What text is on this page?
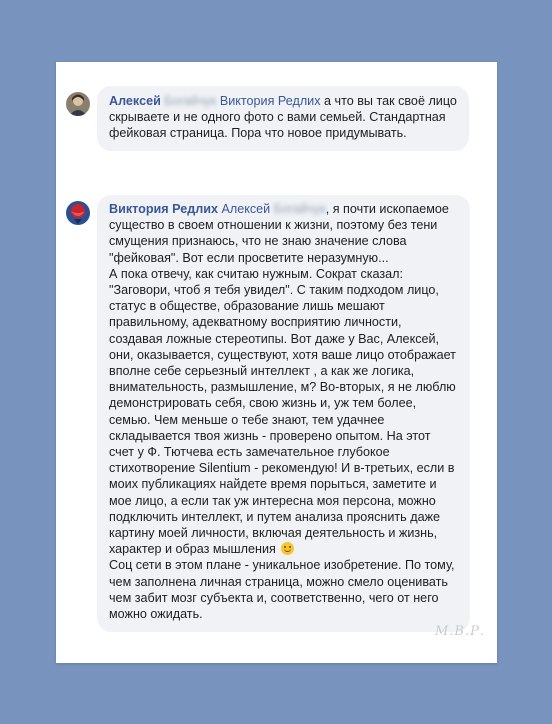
Алексей Богайчук Виктория Редлих а что вы так своё лицо скрываете и не одного фото с вами семьей. Стандартная фейковая страница. Пора что новое придумывать.
Виктория Редлих Алексей Богайчук, я почти ископаемое существо в своем отношении к жизни, поэтому без тени смущения признаюсь, что не знаю значение слова "фейковая". Вот если просветите неразумную...
А пока отвечу, как считаю нужным. Сократ сказал: "Заговори, чтоб я тебя увидел". С таким подходом лицо, статус в обществе, образование лишь мешают правильному, адекватному восприятию личности, создавая ложные стереотипы. Вот даже у Вас, Алексей, они, оказывается, существуют, хотя ваше лицо отображает вполне себе серьезный интеллект , а как же логика, внимательность, размышление, м? Во-вторых, я не люблю демонстрировать себя, свою жизнь и, уж тем более, семью. Чем меньше о тебе знают, тем удачнее складывается твоя жизнь - проверено опытом. На этот счет у Ф. Тютчева есть замечательное глубокое стихотворение Silentium - рекомендую! И в-третьих, если в моих публикациях найдете время порыться, заметите и мое лицо, а если так уж интересна моя персона, можно подключить интеллект, и путем анализа прояснить даже картину моей личности, включая деятельность и жизнь, характер и образ мышления
Соц сети в этом плане - уникальное изобретение. По тому, чем заполнена личная страница, можно смело оценивать чем забит мозг субъекта и, соответственно, чего от него можно ожидать.
М.В.Р.
